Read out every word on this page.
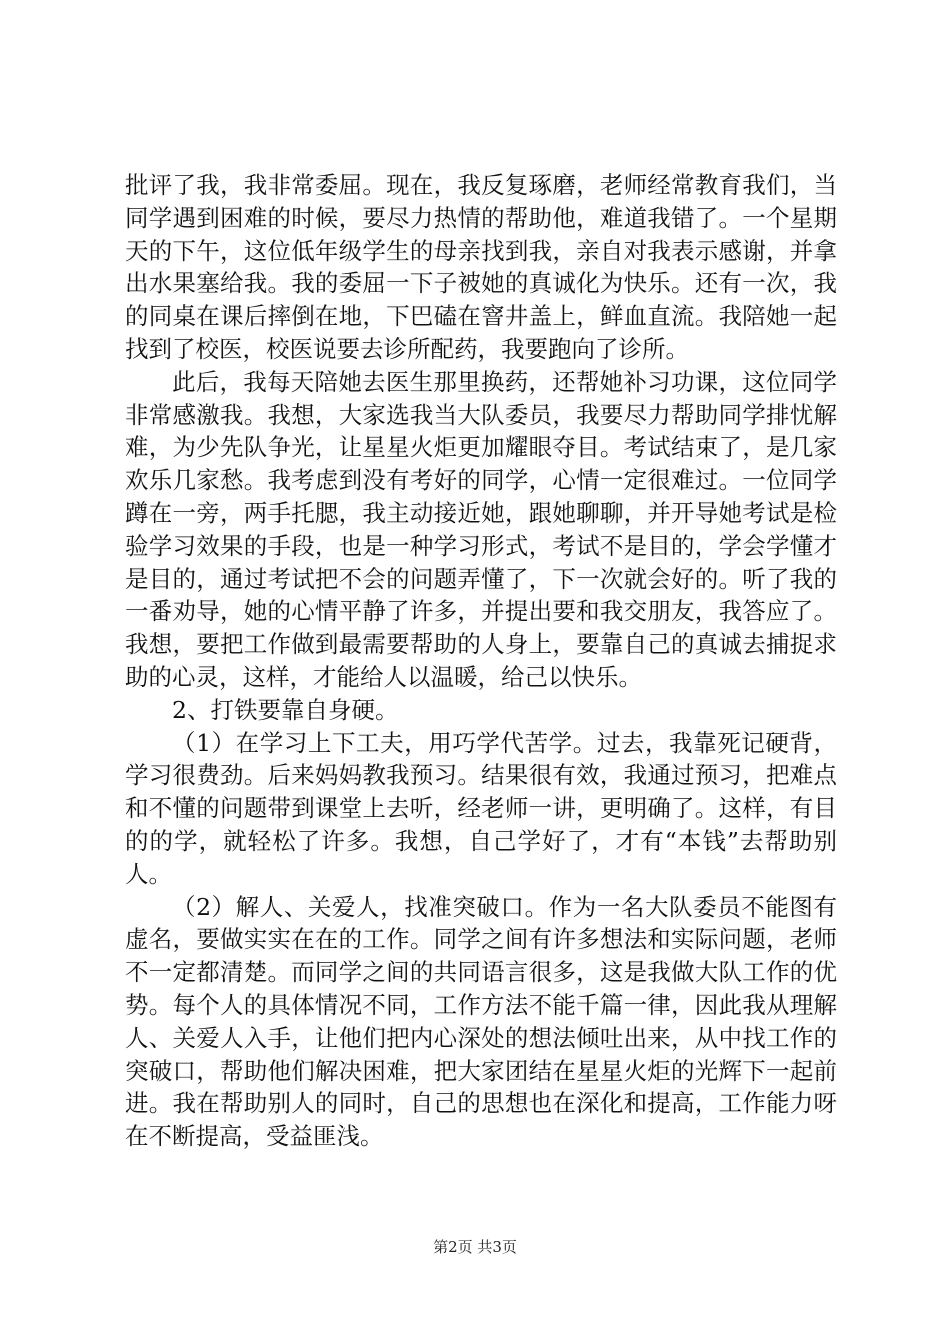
批评了我，我非常委屈。现在，我反复琢磨，老师经常教育我们，当同学遇到困难的时候，要尽力热情的帮助他，难道我错了。一个星期天的下午，这位低年级学生的母亲找到我，亲自对我表示感谢，并拿出水果塞给我。我的委屈一下子被她的真诚化为快乐。还有一次，我的同桌在课后摔倒在地，下巴磕在窨井盖上，鲜血直流。我陪她一起找到了校医，校医说要去诊所配药，我要跑向了诊所。

此后，我每天陪她去医生那里换药，还帮她补习功课，这位同学非常感激我。我想，大家选我当大队委员，我要尽力帮助同学排忧解难，为少先队争光，让星星火炬更加耀眼夺目。考试结束了，是几家欢乐几家愁。我考虑到没有考好的同学，心情一定很难过。一位同学蹲在一旁，两手托腮，我主动接近她，跟她聊聊，并开导她考试是检验学习效果的手段，也是一种学习形式，考试不是目的，学会学懂才是目的，通过考试把不会的问题弄懂了，下一次就会好的。听了我的一番劝导，她的心情平静了许多，并提出要和我交朋友，我答应了。我想，要把工作做到最需要帮助的人身上，要靠自己的真诚去捕捉求助的心灵，这样，才能给人以温暖，给己以快乐。

2、打铁要靠自身硬。

（1）在学习上下工夫，用巧学代苦学。过去，我靠死记硬背，学习很费劲。后来妈妈教我预习。结果很有效，我通过预习，把难点和不懂的问题带到课堂上去听，经老师一讲，更明确了。这样，有目的的学，就轻松了许多。我想，自己学好了，才有“本钱”去帮助别人。

（2）解人、关爱人，找准突破口。作为一名大队委员不能图有虚名，要做实实在在的工作。同学之间有许多想法和实际问题，老师不一定都清楚。而同学之间的共同语言很多，这是我做大队工作的优势。每个人的具体情况不同，工作方法不能千篇一律，因此我从理解人、关爱人入手，让他们把内心深处的想法倾吐出来，从中找工作的突破口，帮助他们解决困难，把大家团结在星星火炬的光辉下一起前进。我在帮助别人的同时，自己的思想也在深化和提高，工作能力呀在不断提高，受益匪浅。

第2页 共3页
